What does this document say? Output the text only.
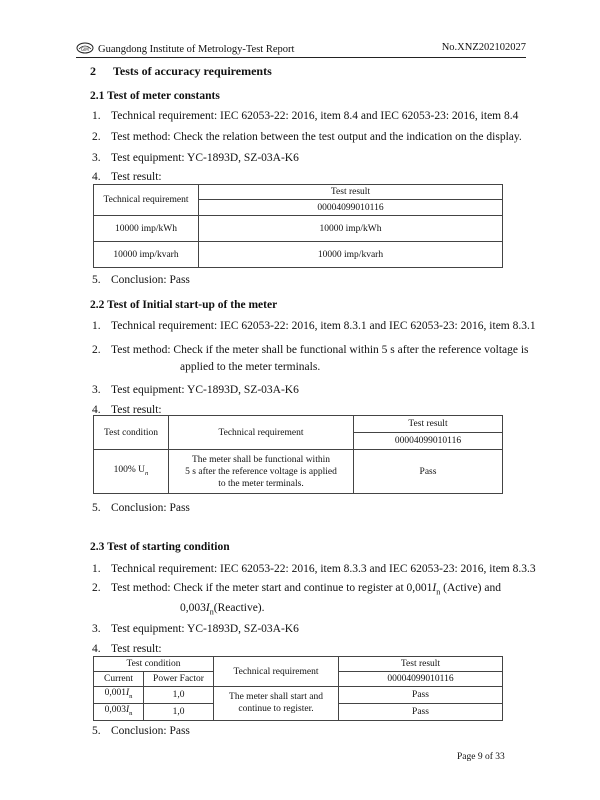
GIM Guangdong Institute of Metrology-Test Report	No.XNZ202102027
2 Tests of accuracy requirements
2.1 Test of meter constants
1. Technical requirement: IEC 62053-22: 2016, item 8.4 and IEC 62053-23: 2016, item 8.4
2. Test method: Check the relation between the test output and the indication on the display.
3. Test equipment: YC-1893D, SZ-03A-K6
4. Test result:
Technical requirement	Test result
	00004099010116
10000 imp/kWh	10000 imp/kWh
10000 imp/kvarh	10000 imp/kvarh
5. Conclusion: Pass
2.2 Test of Initial start-up of the meter
1. Technical requirement: IEC 62053-22: 2016, item 8.3.1 and IEC 62053-23: 2016, item 8.3.1
2. Test method: Check if the meter shall be functional within 5 s after the reference voltage is
applied to the meter terminals.
3. Test equipment: YC-1893D, SZ-03A-K6
4. Test result:
Test condition	Technical requirement	Test result
		00004099010116
100% $U_n$	The meter shall be functional within
5 s after the reference voltage is applied
to the meter terminals.	Pass
5. Conclusion: Pass
2.3 Test of starting condition
1. Technical requirement: IEC 62053-22: 2016, item 8.3.3 and IEC 62053-23: 2016, item 8.3.3
2. Test method: Check if the meter start and continue to register at $0,001I_n$ (Active) and
$0,003I_n(Reactive)$.
3. Test equipment: YC-1893D, SZ-03A-K6
4. Test result:
Test condition		Technical requirement	Test result
Current	Power Factor		00004099010116
$0,001I_n$	1,0	The meter shall start and
continue to register.	Pass
$0,003I_n$	1,0		Pass
5. Conclusion: Pass
Page 9 of 33
